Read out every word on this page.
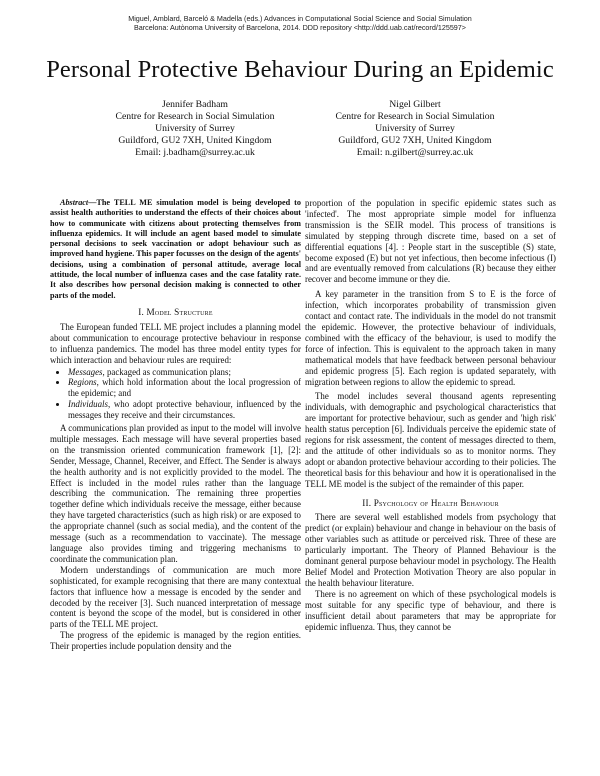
Miguel, Amblard, Barceló & Madella (eds.) Advances in Computational Social Science and Social Simulation
Barcelona: Autònoma University of Barcelona, 2014. DDD repository <http://ddd.uab.cat/record/125597>
Personal Protective Behaviour During an Epidemic
Jennifer Badham
Centre for Research in Social Simulation
University of Surrey
Guildford, GU2 7XH, United Kingdom
Email: j.badham@surrey.ac.uk
Nigel Gilbert
Centre for Research in Social Simulation
University of Surrey
Guildford, GU2 7XH, United Kingdom
Email: n.gilbert@surrey.ac.uk

Abstract—The TELL ME simulation model is being developed to assist health authorities to understand the effects of their choices about how to communicate with citizens about protecting themselves from influenza epidemics. It will include an agent based model to simulate personal decisions to seek vaccination or adopt behaviour such as improved hand hygiene. This paper focusses on the design of the agents' decisions, using a combination of personal attitude, average local attitude, the local number of influenza cases and the case fatality rate. It also describes how personal decision making is connected to other parts of the model.

I. Model Structure

The European funded TELL ME project includes a planning model about communication to encourage protective behaviour in response to influenza pandemics. The model has three model entity types for which interaction and behaviour rules are required:

• Messages, packaged as communication plans;
• Regions, which hold information about the local progression of the epidemic; and
• Individuals, who adopt protective behaviour, influenced by the messages they receive and their circumstances.

A communications plan provided as input to the model will involve multiple messages. Each message will have several properties based on the transmission oriented communication framework [1], [2]: Sender, Message, Channel, Receiver, and Effect. The Sender is always the health authority and is not explicitly provided to the model. The Effect is included in the model rules rather than the language describing the communication. The remaining three properties together define which individuals receive the message, either because they have targeted characteristics (such as high risk) or are exposed to the appropriate channel (such as social media), and the content of the message (such as a recommendation to vaccinate). The message language also provides timing and triggering mechanisms to coordinate the communication plan.

Modern understandings of communication are much more sophisticated, for example recognising that there are many contextual factors that influence how a message is encoded by the sender and decoded by the receiver [3]. Such nuanced interpretation of message content is beyond the scope of the model, but is considered in other parts of the TELL ME project.

The progress of the epidemic is managed by the region entities. Their properties include population density and the

proportion of the population in specific epidemic states such as 'infected'. The most appropriate simple model for influenza transmission is the SEIR model. This process of transitions is simulated by stepping through discrete time, based on a set of differential equations [4]. : People start in the susceptible (S) state, become exposed (E) but not yet infectious, then become infectious (I) and are eventually removed from calculations (R) because they either recover and become immune or they die.

A key parameter in the transition from S to E is the force of infection, which incorporates probability of transmission given contact and contact rate. The individuals in the model do not transmit the epidemic. However, the protective behaviour of individuals, combined with the efficacy of the behaviour, is used to modify the force of infection. This is equivalent to the approach taken in many mathematical models that have feedback between personal behaviour and epidemic progress [5]. Each region is updated separately, with migration between regions to allow the epidemic to spread.

The model includes several thousand agents representing individuals, with demographic and psychological characteristics that are important for protective behaviour, such as gender and 'high risk' health status perception [6]. Individuals perceive the epidemic state of regions for risk assessment, the content of messages directed to them, and the attitude of other individuals so as to monitor norms. They adopt or abandon protective behaviour according to their policies. The theoretical basis for this behaviour and how it is operationalised in the TELL ME model is the subject of the remainder of this paper.

II. Psychology of Health Behaviour

There are several well established models from psychology that predict (or explain) behaviour and change in behaviour on the basis of other variables such as attitude or perceived risk. Three of these are particularly important. The Theory of Planned Behaviour is the dominant general purpose behaviour model in psychology. The Health Belief Model and Protection Motivation Theory are also popular in the health behaviour literature.

There is no agreement on which of these psychological models is most suitable for any specific type of behaviour, and there is insufficient detail about parameters that may be appropriate for epidemic influenza. Thus, they cannot be
